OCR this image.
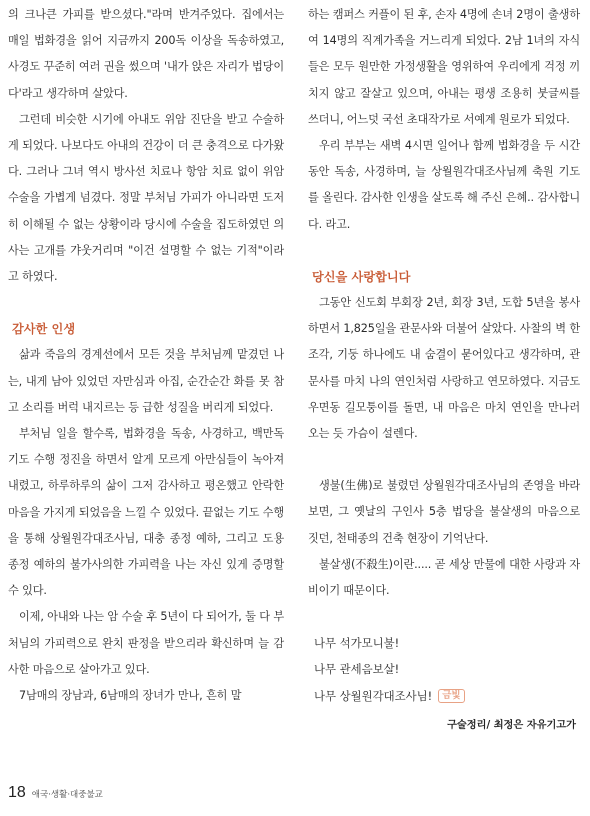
의 크나큰 가피를 받으셨다."라며 반겨주었다. 집에서는 매일 법화경을 읽어 지금까지 200독 이상을 독송하였고, 사경도 꾸준히 여러 권을 썼으며 '내가 앉은 자리가 법당이다'라고 생각하며 살았다.

그런데 비슷한 시기에 아내도 위암 진단을 받고 수술하게 되었다. 나보다도 아내의 건강이 더 큰 충격으로 다가왔다. 그러나 그녀 역시 방사선 치료나 항암 치료 없이 위암 수술을 가볍게 넘겼다. 정말 부처님 가피가 아니라면 도저히 이해될 수 없는 상황이라 당시에 수술을 집도하였던 의사는 고개를 갸웃거리며 "이건 설명할 수 없는 기적"이라고 하였다.

감사한 인생

삶과 죽음의 경계선에서 모든 것을 부처님께 맡겼던 나는, 내게 남아 있었던 자만심과 아집, 순간순간 화를 못 참고 소리를 버럭 내지르는 등 급한 성질을 버리게 되었다.

부처님 일을 할수록, 법화경을 독송, 사경하고, 백만독 기도 수행 정진을 하면서 알게 모르게 아만심들이 녹아져 내렸고, 하루하루의 삶이 그저 감사하고 평온했고 안락한 마음을 가지게 되었음을 느낄 수 있었다. 끝없는 기도 수행을 통해 상월원각대조사님, 대충 종정 예하, 그리고 도용 종정 예하의 불가사의한 가피력을 나는 자신 있게 증명할 수 있다.

이제, 아내와 나는 암 수술 후 5년이 다 되어가, 둘 다 부처님의 가피력으로 완치 판정을 받으리라 확신하며 늘 감사한 마음으로 살아가고 있다.

7남매의 장남과, 6남매의 장녀가 만나, 흔히 말

하는 캠퍼스 커플이 된 후, 손자 4명에 손녀 2명이 출생하여 14명의 직계가족을 거느리게 되었다. 2남 1녀의 자식들은 모두 원만한 가정생활을 영위하여 우리에게 걱정 끼치지 않고 잘살고 있으며, 아내는 평생 조용히 붓글씨를 쓰더니, 어느덧 국선 초대작가로 서예계 원로가 되었다.

우리 부부는 새벽 4시면 일어나 함께 법화경을 두 시간 동안 독송, 사경하며, 늘 상월원각대조사님께 축원 기도를 올린다. 감사한 인생을 살도록 해 주신 은혜.. 감사합니다. 라고.

당신을 사랑합니다

그동안 신도회 부회장 2년, 회장 3년, 도합 5년을 봉사하면서 1,825일을 관문사와 더불어 살았다. 사찰의 벽 한 조각, 기둥 하나에도 내 숨결이 묻어있다고 생각하며, 관문사를 마치 나의 연인처럼 사랑하고 연모하였다. 지금도 우면동 길모퉁이를 돌면, 내 마음은 마치 연인을 만나러 오는 듯 가슴이 설렌다.

생불(生佛)로 불렸던 상월원각대조사님의 존영을 바라보면, 그 옛날의 구인사 5층 법당을 불살생의 마음으로 짓던, 천태종의 건축 현장이 기억난다.

불살생(不殺生)이란..... 곧 세상 만물에 대한 사랑과 자비이기 때문이다.

나무 석가모니불!

나무 관세음보살!

나무 상월원각대조사님! 금빛

구술정리/ 최정은 자유기고가
18 애국·생활·대중불교
